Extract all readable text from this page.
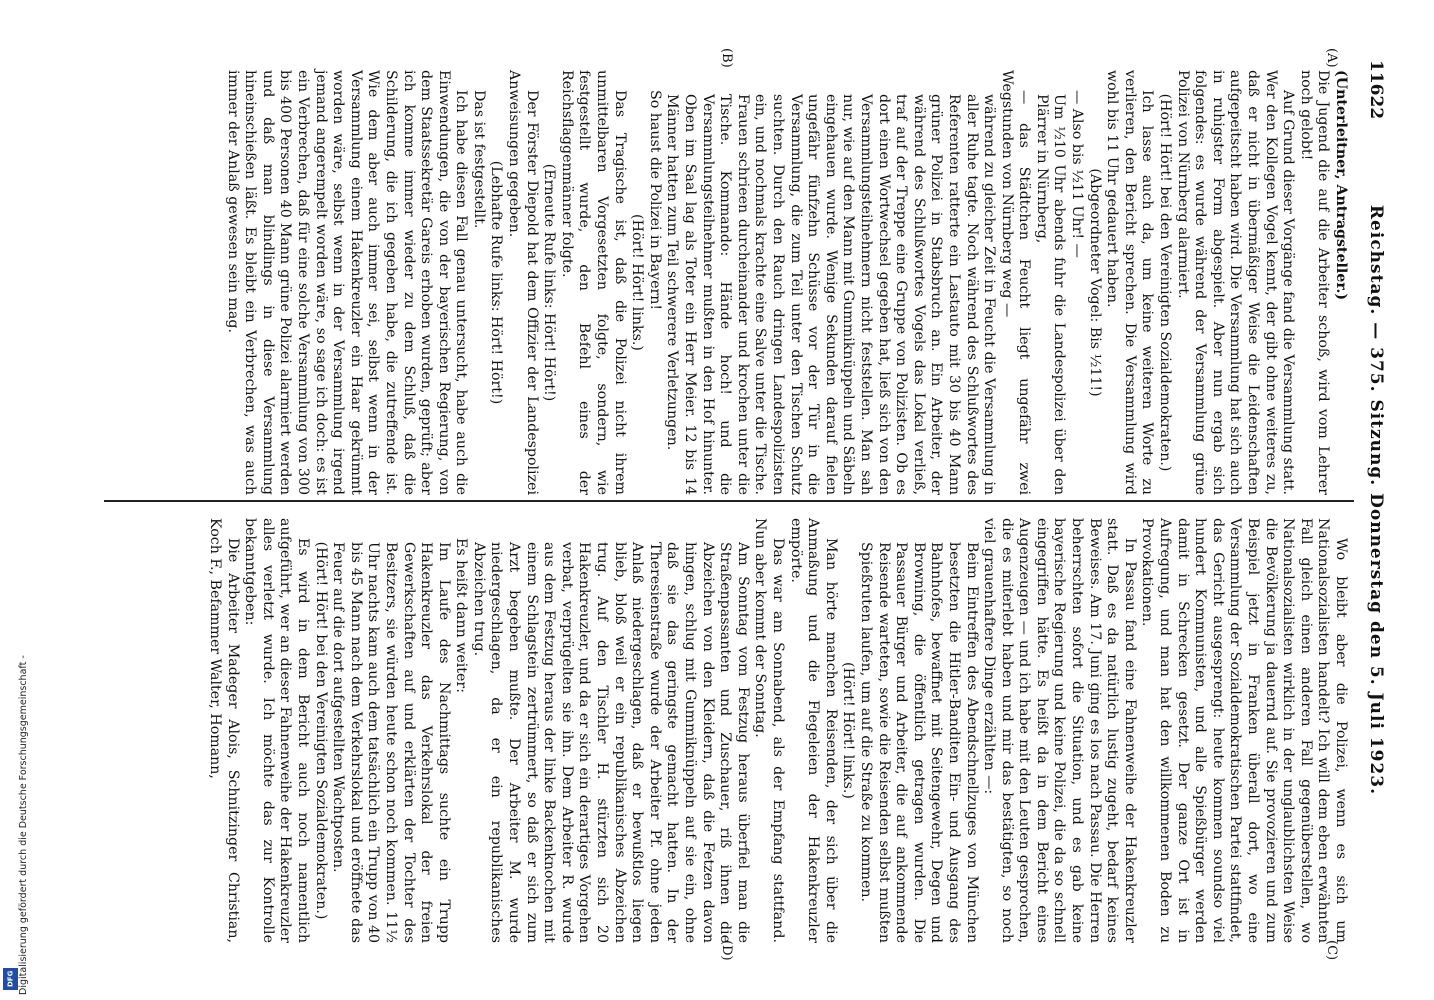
DFG Digitalisierung gefördert durch die Deutsche Forschungsgemeinschaft -
11622
Reichstag. — 375. Sitzung. Donnerstag den 5. Juli 1923.
(A)
(B)
(C)
(D)

(Unterleitner, Antragsteller.)

Die Jugend die auf die Arbeiter schoß, wird vom Lehrer noch gelobt!

Auf Grund dieser Vorgänge fand die Versammlung statt. Wer den Kollegen Vogel kennt, der gibt ohne weiteres zu, daß er nicht in übermäßiger Weise die Leidenschaften aufgepeitscht haben wird. Die Versammlung hat sich auch in ruhigster Form abgespielt. Aber nun ergab sich folgendes: es wurde während der Versammlung grüne Polizei von Nürnberg alarmiert.

(Hört! Hört! bei den Vereinigten Sozialdemokraten.)

Ich lasse auch da, um keine weiteren Worte zu verlieren, den Bericht sprechen. Die Versammlung wird wohl bis 11 Uhr gedauert haben.

(Abgeordneter Vogel: Bis ½11!)

— Also bis ½11 Uhr! —

Um ½10 Uhr abends fuhr die Landespolizei über den Plärrer in Nürnberg,

— das Städtchen Feucht liegt ungefähr zwei Wegstunden von Nürnberg weg —

während zu gleicher Zeit in Feucht die Versammlung in aller Ruhe tagte. Noch während des Schlußwortes des Referenten ratterte ein Lastauto mit 30 bis 40 Mann grüner Polizei in Stabsbruch an. Ein Arbeiter, der während des Schlußwortes Vogels das Lokal verließ, traf auf der Treppe eine Gruppe von Polizisten. Ob es dort einen Wortwechsel gegeben hat, ließ sich von den Versammlungsteilnehmern nicht feststellen. Man sah nur, wie auf den Mann mit Gummiknüppeln und Säbeln eingehauen wurde. Wenige Sekunden darauf fielen ungefähr fünfzehn Schüsse vor der Tür in die Versammlung, die zum Teil unter den Tischen Schutz suchten. Durch den Rauch dringen Landespolizisten ein, und nochmals krachte eine Salve unter die Tische. Frauen schrieen durcheinander und krochen unter die Tische. Kommando: Hände hoch! und die Versammlungsteilnehmer mußten in den Hof hinunter. Oben im Saal lag als Toter ein Herr Meier. 12 bis 14 Männer hatten zum Teil schwerere Verletzungen.

So haust die Polizei in Bayern!

(Hört! Hört! links.)

Das Tragische ist, daß die Polizei nicht ihrem unmittelbaren Vorgesetzten folgte, sondern, wie festgestellt wurde, den Befehl eines der Reichsflaggenmänner folgte.

(Erneute Rufe links: Hört! Hört!)

Der Förster Diepold hat dem Offizier der Landespolizei Anweisungen gegeben.

(Lebhafte Rufe links: Hört! Hört!)

Das ist festgestellt.

Ich habe diesen Fall genau untersucht, habe auch die Einwendungen, die von der bayerischen Regierung, von dem Staatssekretär Gareis erhoben wurden, geprüft; aber ich komme immer wieder zu dem Schluß, daß die Schilderung, die ich gegeben habe, die zutreffende ist. Wie dem aber auch immer sei, selbst wenn in der Versammlung einem Hakenkreuzler ein Haar gekrümmt worden wäre, selbst wenn in der Versammlung irgend jemand angerempelt worden wäre, so sage ich doch: es ist ein Verbrechen, daß für eine solche Versammlung von 300 bis 400 Personen 40 Mann grüne Polizei alarmiert werden und daß man blindlings in diese Versammlung hineinschießen läßt. Es bleibt ein Verbrechen, was auch immer der Anlaß gewesen sein mag.

Wo bleibt aber die Polizei, wenn es sich um Nationalsozialisten handelt? Ich will dem eben erwähnten Fall gleich einen anderen Fall gegenüberstellen, wo Nationalsozialisten wirklich in der unglaublichsten Weise die Bevölkerung ja dauernd auf. Sie provozieren und zum Beispiel jetzt in Franken überall dort, wo eine Versammlung der Sozialdemokratischen Partei stattfindet, das Gericht ausgesprengt: heute kommen soundso viel hundert Kommunisten, und alle Spießbürger werden damit in Schrecken gesetzt. Der ganze Ort ist in Aufregung, und man hat den willkommenen Boden zu Provokationen.

In Passau fand eine Fahnenweihe der Hakenkreuzler statt. Daß es da natürlich lustig zugeht, bedarf keines Beweises. Am 17. Juni ging es los nach Passau. Die Herren beherrschten sofort die Situation, und es gab keine bayerische Regierung und keine Polizei, die da so schnell eingegriffen hätte. Es heißt da in dem Bericht eines Augenzeugen — und ich habe mit den Leuten gesprochen, die es miterlebt haben und mir das bestätigten, so noch viel grauenhaftere Dinge erzählten —:

Beim Eintreffen des Abendschnellzuges von München besetzten die Hitler-Banditen Ein- und Ausgang des Bahnhofes, bewaffnet mit Seitengewehr, Degen und Browning, die öffentlich getragen wurden. Die Passauer Bürger und Arbeiter, die auf ankommende Reisende warteten, sowie die Reisenden selbst mußten Spießruten laufen, um auf die Straße zu kommen.

(Hört! Hört! links.)

Man hörte manchen Reisenden, der sich über die Anmaßung und die Flegeleien der Hakenkreuzler empörte.

Das war am Sonnabend, als der Empfang stattfand. Nun aber kommt der Sonntag.

Am Sonntag vom Festzug heraus überfiel man die Straßenpassanten und Zuschauer, riß ihnen die Abzeichen von den Kleidern, daß die Fetzen davon hingen, schlug mit Gummiknüppeln auf sie ein, ohne daß sie das geringste gemacht hatten. In der Theresienstraße wurde der Arbeiter Pf. ohne jeden Anlaß niedergeschlagen, daß er bewußtlos liegen blieb, bloß weil er ein republikanisches Abzeichen trug. Auf den Tischler H. stürzten sich 20 Hakenkreuzler, und da er sich ein derartiges Vorgehen verbat, verprügelten sie ihn. Dem Arbeiter R. wurde aus dem Festzug heraus der linke Backenknochen mit einem Schlagstein zertrümmert, so daß er sich zum Arzt begeben mußte. Der Arbeiter M. wurde niedergeschlagen, da er ein republikanisches Abzeichen trug.

Es heißt dann weiter:

Im Laufe des Nachmittags suchte ein Trupp Hakenkreuzler das Verkehrslokal der freien Gewerkschaften auf und erklärten der Tochter des Besitzers, sie würden heute schon noch kommen. 11½ Uhr nachts kam auch dem tatsächlich ein Trupp von 40 bis 45 Mann nach dem Verkehrslokal und eröffnete das Feuer auf die dort aufgestellten Wachtposten.

(Hört! Hört! bei den Vereinigten Sozialdemokraten.)

Es wird in dem Bericht auch noch namentlich aufgeführt, wer an dieser Fahnenweihe der Hakenkreuzler alles verletzt wurde. Ich möchte das zur Kontrolle bekanntgeben:

Die Arbeiter Madeger Alois, Schnitzinger Christian, Koch F., Befammer Walter, Homann,
